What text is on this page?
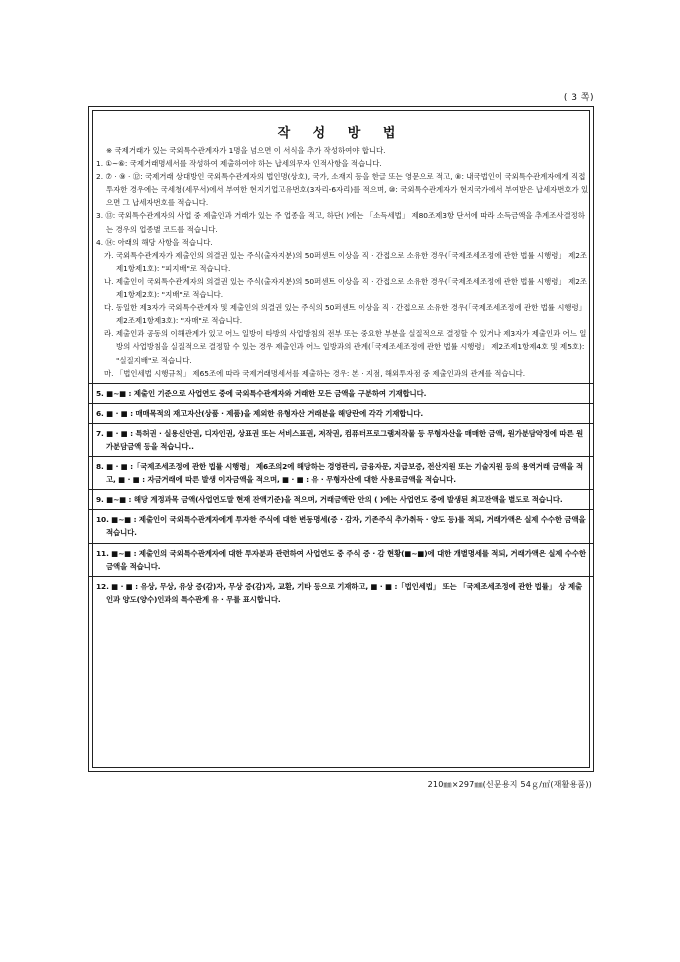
( 3 쪽)
작 성 방 법

※ 국제거래가 있는 국외특수관계자가 1명을 넘으면 이 서식을 추가 작성하여야 합니다.

1. ①~⑥: 국제거래명세서를 작성하여 제출하여야 하는 납세의무자 인적사항을 적습니다.

2. ⑦ · ⑨ · ⑫: 국제거래 상대방인 국외특수관계자의 법인명(상호), 국가, 소재지 등을 한글 또는 영문으로 적고, ⑧: 내국법인이 국외특수관계자에게 직접 투자한 경우에는 국세청(세무서)에서 부여한 현지기업고유번호(3자리-6자리)를 적으며, ⑩: 국외특수관계자가 현지국가에서 부여받은 납세자번호가 있으면 그 납세자번호를 적습니다.

3. ⑬: 국외특수관계자의 사업 중 제출인과 거래가 있는 주 업종을 적고, 하단( )에는 「소득세법」 제80조제3항 단서에 따라 소득금액을 추계조사결정하는 경우의 업종별 코드를 적습니다.

4. ⑭: 아래의 해당 사항을 적습니다.

가. 국외특수관계자가 제출인의 의결권 있는 주식(출자지분)의 50퍼센트 이상을 직 · 간접으로 소유한 경우(「국제조세조정에 관한 법률 시행령」 제2조제1항제1호): "피지배"로 적습니다.

나. 제출인이 국외특수관계자의 의결권 있는 주식(출자지분)의 50퍼센트 이상을 직 · 간접으로 소유한 경우(「국제조세조정에 관한 법률 시행령」 제2조제1항제2호): "지배"로 적습니다.

다. 동일한 제3자가 국외특수관계자 및 제출인의 의결권 있는 주식의 50퍼센트 이상을 직 · 간접으로 소유한 경우(「국제조세조정에 관한 법률 시행령」 제2조제1항제3호): "자매"로 적습니다.

라. 제출인과 공동의 이해관계가 있고 어느 일방이 타방의 사업방침의 전부 또는 중요한 부분을 실질적으로 결정할 수 있거나 제3자가 제출인과 어느 일방의 사업방침을 실질적으로 결정할 수 있는 경우 제출인과 어느 일방과의 관계(「국제조세조정에 관한 법률 시행령」 제2조제1항제4호 및 제5호): "실질지배"로 적습니다.

마. 「법인세법 시행규칙」 제65조에 따라 국제거래명세서를 제출하는 경우: 본 · 지점, 해외투자점 중 제출인과의 관계를 적습니다.

5. ■~■ : 제출인 기준으로 사업연도 중에 국외특수관계자와 거래한 모든 금액을 구분하여 기재합니다.

6. ■ · ■ : 매매목적의 재고자산(상품 · 제품)을 제외한 유형자산 거래분을 해당란에 각각 기재합니다.

7. ■ · ■ : 특허권 · 실용신안권, 디자인권, 상표권 또는 서비스표권, 저작권, 컴퓨터프로그램저작물 등 무형자산을 매매한 금액, 원가분담약정에 따른 원가분담금액 등을 적습니다..

8. ■ · ■ :「국제조세조정에 관한 법률 시행령」 제6조의2에 해당하는 경영관리, 금융자문, 지급보증, 전산지원 또는 기술지원 등의 용역거래 금액을 적고, ■ · ■ : 자금거래에 따른 발생 이자금액을 적으며, ■ · ■ : 유 · 무형자산에 대한 사용료금액을 적습니다.

9. ■~■ : 해당 계정과목 금액(사업연도말 현재 잔액기준)을 적으며, 거래금액란 안의 ( )에는 사업연도 중에 발생된 최고잔액을 별도로 적습니다.

10. ■~■ : 제출인이 국외특수관계자에게 투자한 주식에 대한 변동명세(증 · 감자, 기존주식 추가취득 · 양도 등)를 적되, 거래가액은 실제 수수한 금액을 적습니다.

11. ■~■ : 제출인의 국외특수관계자에 대한 투자분과 관련하여 사업연도 중 주식 증 · 감 현황(■~■)에 대한 개별명세를 적되, 거래가액은 실제 수수한 금액을 적습니다.

12. ■ · ■ : 유상, 무상, 유상 증(감)자, 무상 증(감)자, 교환, 기타 등으로 기재하고, ■ · ■ :「법인세법」 또는 「국제조세조정에 관한 법률」 상 제출인과 양도(양수)인과의 특수관계 유 · 무를 표시합니다.

210㎜×297㎜(신문용지 54ｇ/㎡(재활용품))
